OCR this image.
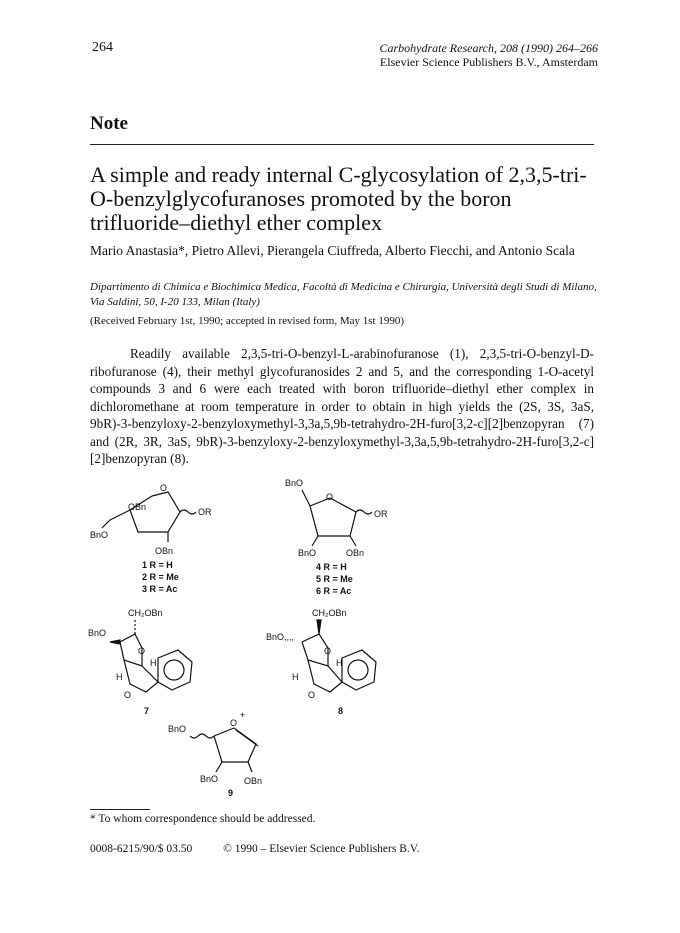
264	Carbohydrate Research, 208 (1990) 264–266
Elsevier Science Publishers B.V., Amsterdam
Note
A simple and ready internal C-glycosylation of 2,3,5-tri-O-benzylglycofuranoses promoted by the boron trifluoride–diethyl ether complex
Mario Anastasia*, Pietro Allevi, Pierangela Ciuffreda, Alberto Fiecchi, and Antonio Scala
Dipartimento di Chimica e Biochimica Medica, Facoltà di Medicina e Chirurgia, Università degli Studi di Milano, Via Saldini, 50, I-20 133, Milan (Italy)
(Received February 1st, 1990; accepted in revised form, May 1st 1990)
Readily available 2,3,5-tri-O-benzyl-L-arabinofuranose (1), 2,3,5-tri-O-benzyl-D-ribofuranose (4), their methyl glycofuranosides 2 and 5, and the corresponding 1-O-acetyl compounds 3 and 6 were each treated with boron trifluoride–diethyl ether complex in dichloromethane at room temperature in order to obtain in high yields the (2S, 3S, 3aS, 9bR)-3-benzyloxy-2-benzyloxymethyl-3,3a,5,9b-tetrahydro-2H-furo[3,2-c][2]benzopyran (7) and (2R, 3R, 3aS, 9bR)-3-benzyloxy-2-benzyloxymethyl-3,3a,5,9b-tetrahydro-2H-furo[3,2-c][2]benzopyran (8).
O
OBn	OR
BnO
OBn
1 R = H
2 R = Me
3 R = Ac
BnO
O
OR
BnO	OBn
4 R = H
5 R = Me
6 R = Ac
CH₂OBn
BnO
O
H
H
O
7
CH₂OBn
BnO,,,,
O
H
H
O
8
BnO
O
+
BnO	OBn
9
* To whom correspondence should be addressed.
0008-6215/90/$ 03.50	© 1990 – Elsevier Science Publishers B.V.
